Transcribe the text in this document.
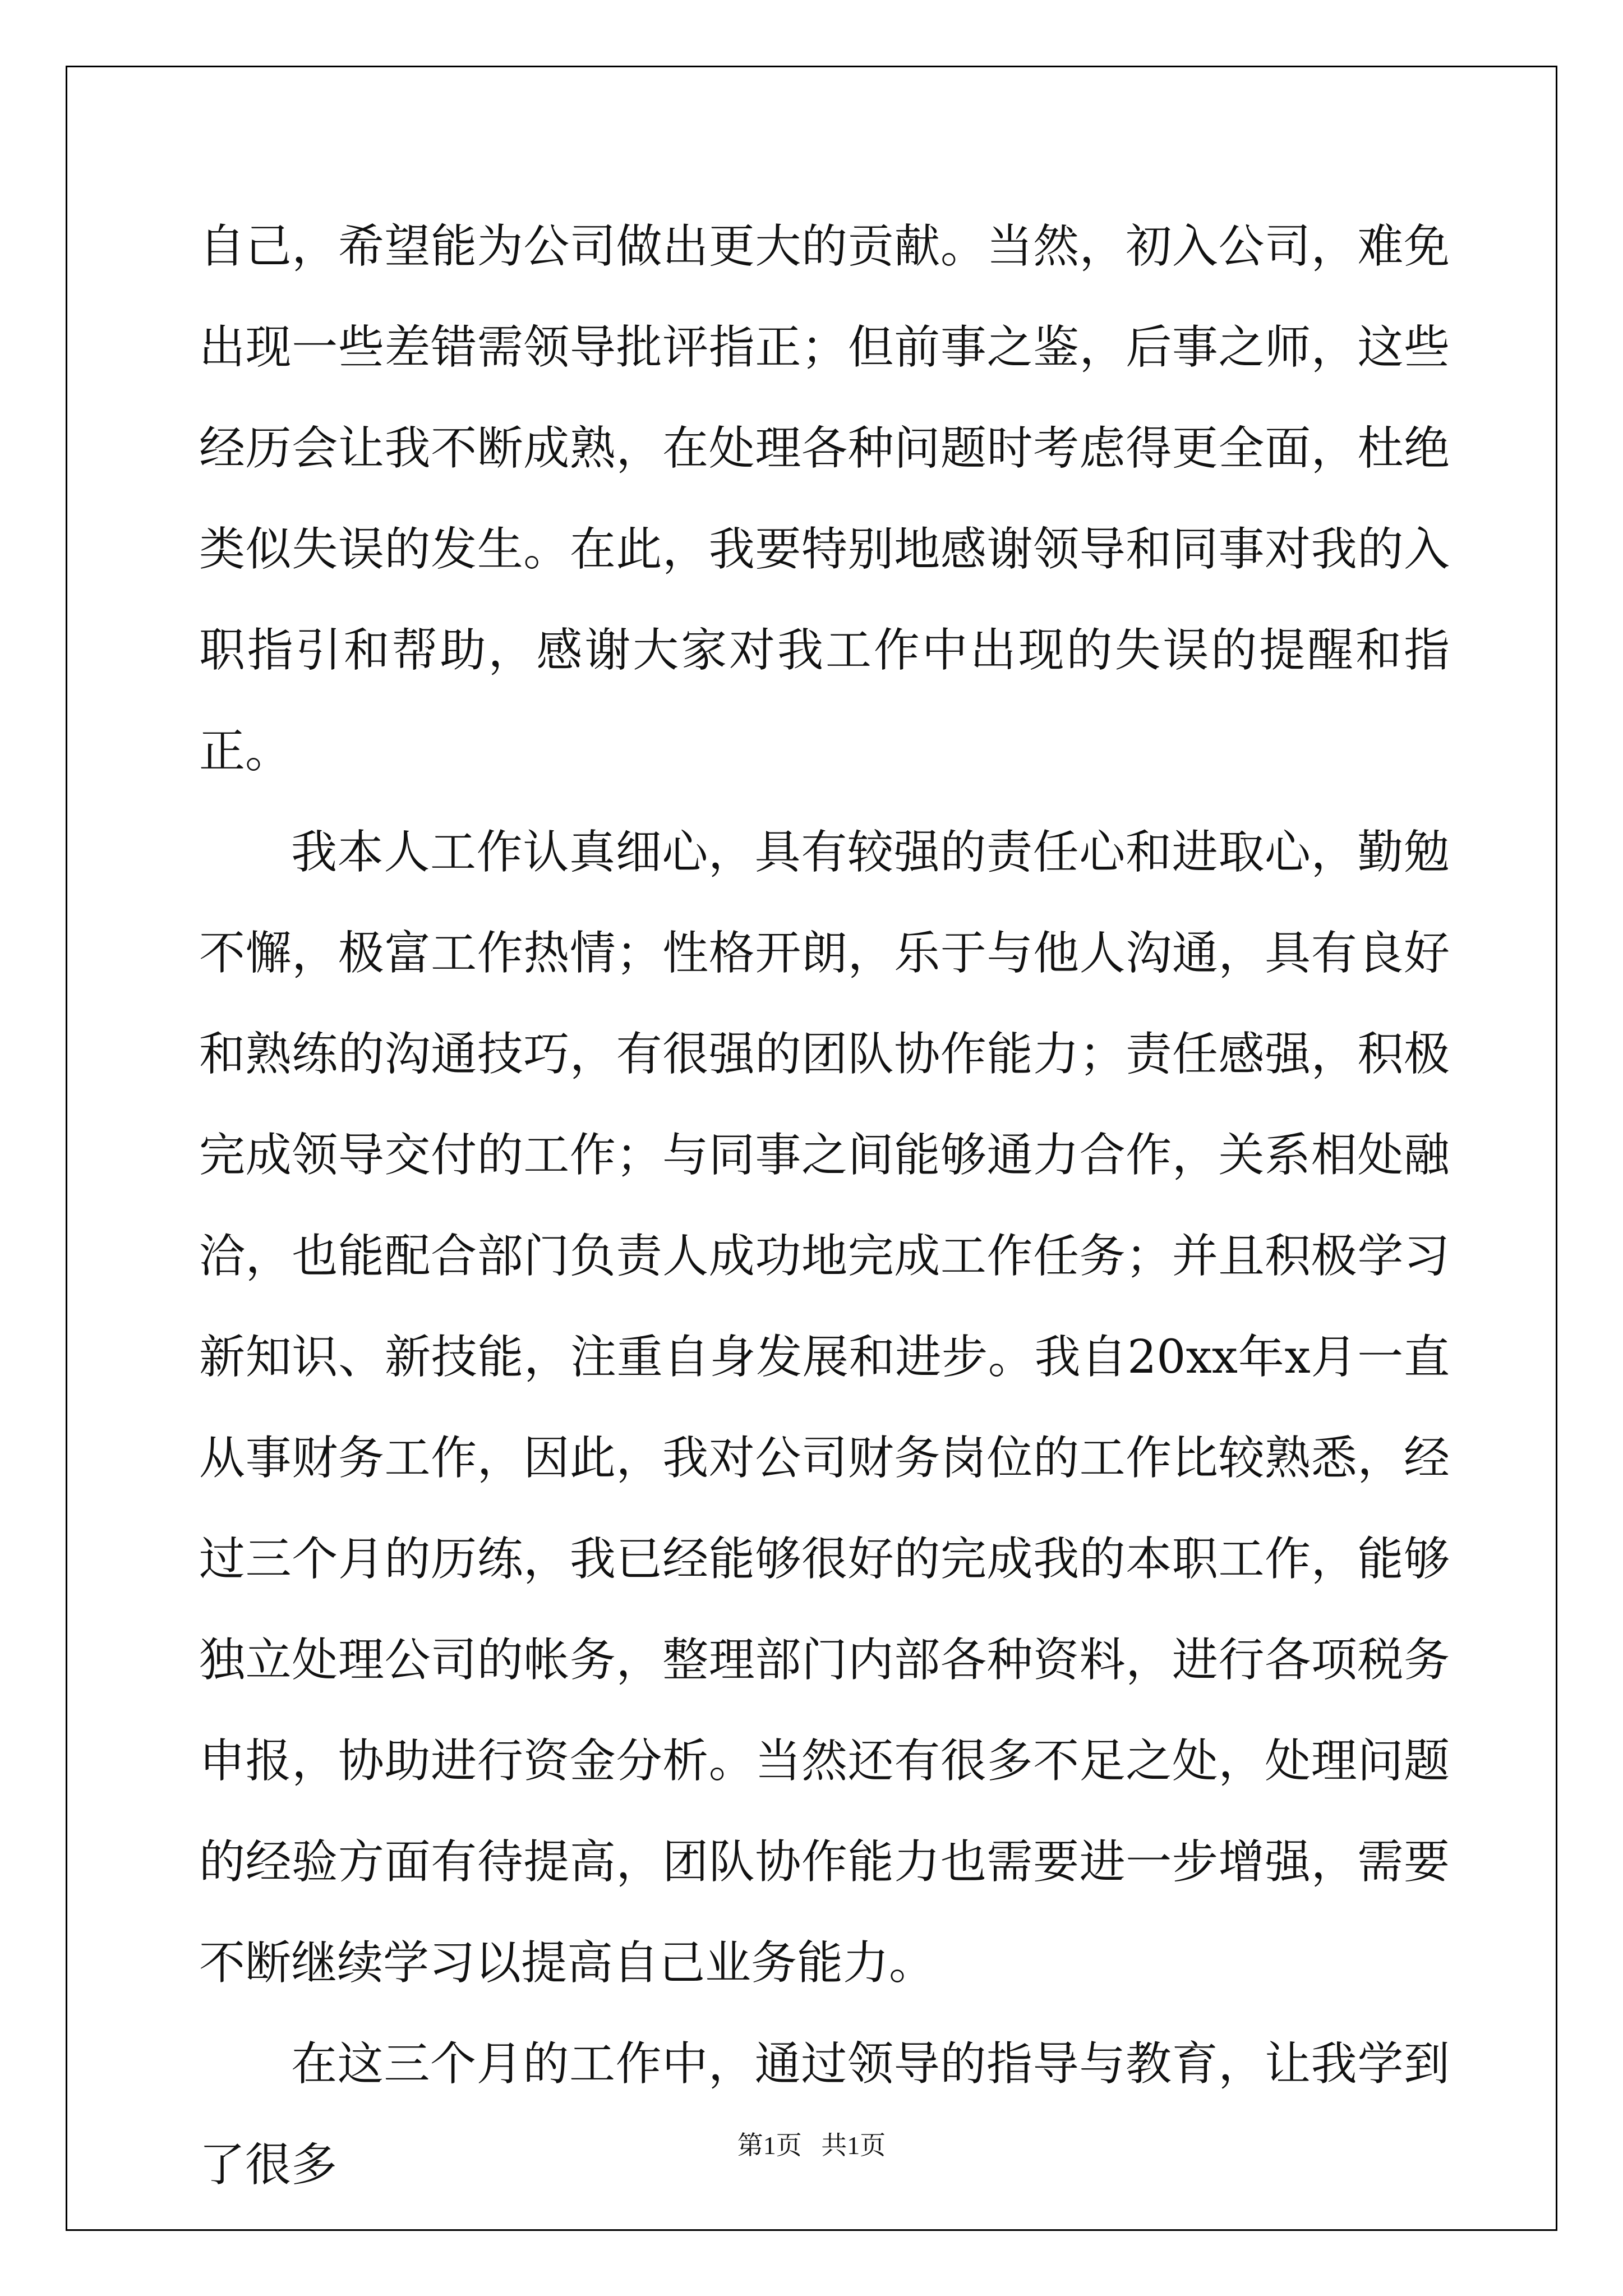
自己，希望能为公司做出更大的贡献。当然，初入公司，难免出现一些差错需领导批评指正；但前事之鉴，后事之师，这些经历会让我不断成熟，在处理各种问题时考虑得更全面，杜绝类似失误的发生。在此，我要特别地感谢领导和同事对我的入职指引和帮助，感谢大家对我工作中出现的失误的提醒和指正。

我本人工作认真细心，具有较强的责任心和进取心，勤勉不懈，极富工作热情；性格开朗，乐于与他人沟通，具有良好和熟练的沟通技巧，有很强的团队协作能力；责任感强，积极完成领导交付的工作；与同事之间能够通力合作，关系相处融洽，也能配合部门负责人成功地完成工作任务；并且积极学习新知识、新技能，注重自身发展和进步。我自20xx年x月一直从事财务工作，因此，我对公司财务岗位的工作比较熟悉，经过三个月的历练，我已经能够很好的完成我的本职工作，能够独立处理公司的帐务，整理部门内部各种资料，进行各项税务申报，协助进行资金分析。当然还有很多不足之处，处理问题的经验方面有待提高，团队协作能力也需要进一步增强，需要不断继续学习以提高自己业务能力。

在这三个月的工作中，通过领导的指导与教育，让我学到了很多	第1页   共1页
